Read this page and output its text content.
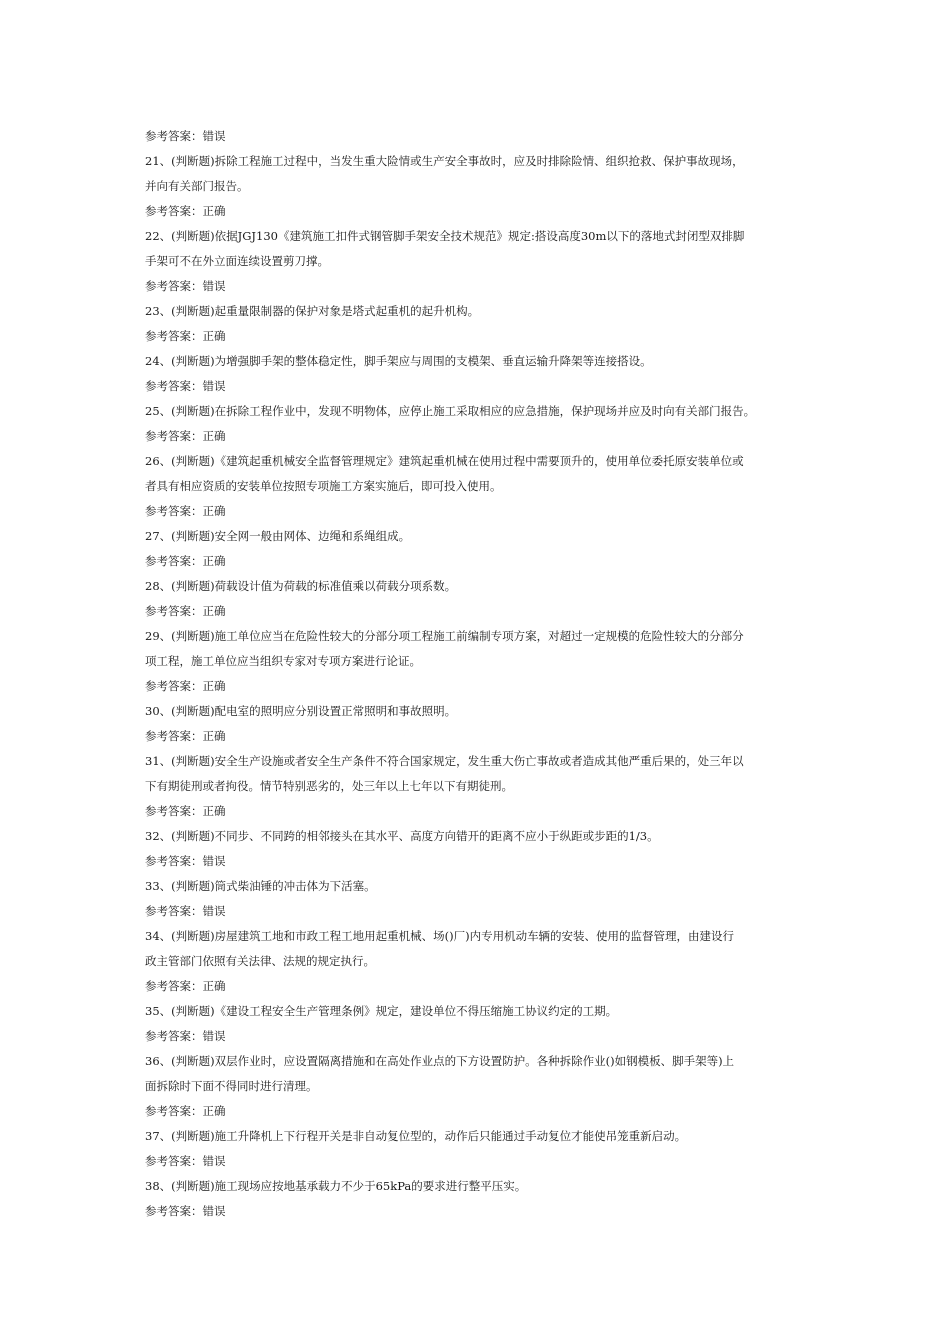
参考答案：错误
21、(判断题)拆除工程施工过程中，当发生重大险情或生产安全事故时，应及时排除险情、组织抢救、保护事故现场，
并向有关部门报告。
参考答案：正确
22、(判断题)依据JGJ130《建筑施工扣件式钢管脚手架安全技术规范》规定:搭设高度30m以下的落地式封闭型双排脚
手架可不在外立面连续设置剪刀撑。
参考答案：错误
23、(判断题)起重量限制器的保护对象是塔式起重机的起升机构。
参考答案：正确
24、(判断题)为增强脚手架的整体稳定性，脚手架应与周围的支模架、垂直运输升降架等连接搭设。
参考答案：错误
25、(判断题)在拆除工程作业中，发现不明物体，应停止施工采取相应的应急措施，保护现场并应及时向有关部门报告。
参考答案：正确
26、(判断题)《建筑起重机械安全监督管理规定》建筑起重机械在使用过程中需要顶升的，使用单位委托原安装单位或
者具有相应资质的安装单位按照专项施工方案实施后，即可投入使用。
参考答案：正确
27、(判断题)安全网一般由网体、边绳和系绳组成。
参考答案：正确
28、(判断题)荷载设计值为荷载的标准值乘以荷载分项系数。
参考答案：正确
29、(判断题)施工单位应当在危险性较大的分部分项工程施工前编制专项方案，对超过一定规模的危险性较大的分部分
项工程，施工单位应当组织专家对专项方案进行论证。
参考答案：正确
30、(判断题)配电室的照明应分别设置正常照明和事故照明。
参考答案：正确
31、(判断题)安全生产设施或者安全生产条件不符合国家规定，发生重大伤亡事故或者造成其他严重后果的，处三年以
下有期徒刑或者拘役。情节特别恶劣的，处三年以上七年以下有期徒刑。
参考答案：正确
32、(判断题)不同步、不同跨的相邻接头在其水平、高度方向错开的距离不应小于纵距或步距的1/3。
参考答案：错误
33、(判断题)筒式柴油锤的冲击体为下活塞。
参考答案：错误
34、(判断题)房屋建筑工地和市政工程工地用起重机械、场()厂)内专用机动车辆的安装、使用的监督管理，由建设行
政主管部门依照有关法律、法规的规定执行。
参考答案：正确
35、(判断题)《建设工程安全生产管理条例》规定，建设单位不得压缩施工协议约定的工期。
参考答案：错误
36、(判断题)双层作业时，应设置隔离措施和在高处作业点的下方设置防护。各种拆除作业()如钢模板、脚手架等)上
面拆除时下面不得同时进行清理。
参考答案：正确
37、(判断题)施工升降机上下行程开关是非自动复位型的，动作后只能通过手动复位才能使吊笼重新启动。
参考答案：错误
38、(判断题)施工现场应按地基承载力不少于65kPa的要求进行整平压实。
参考答案：错误
